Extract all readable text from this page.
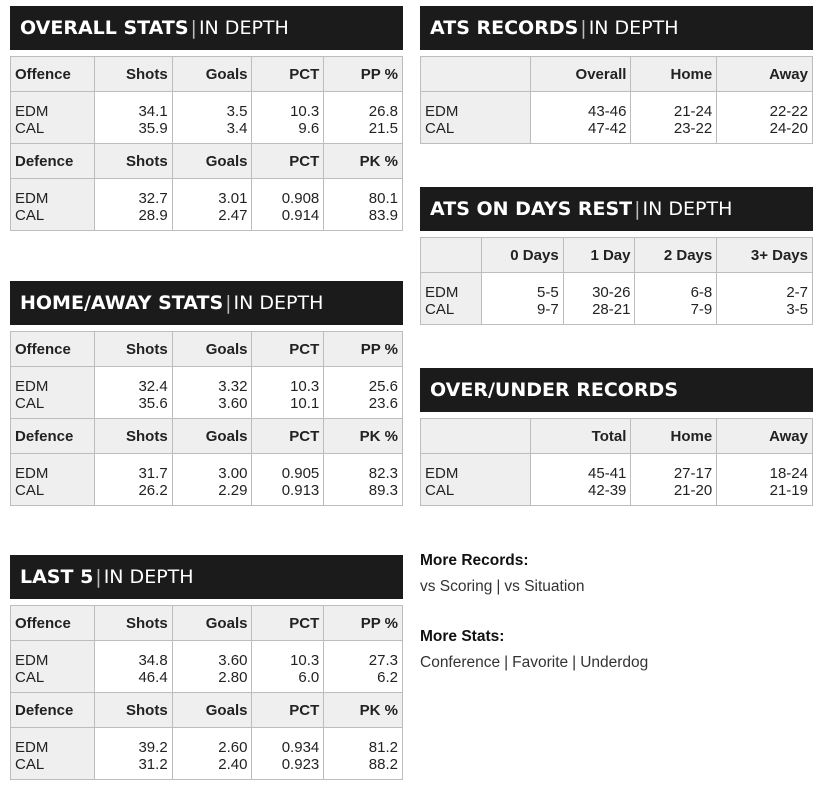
OVERALL STATS | IN DEPTH
Offence	Shots	Goals	PCT	PP %
EDM	34.1	3.5	10.3	26.8
CAL	35.9	3.4	9.6	21.5
Defence	Shots	Goals	PCT	PK %
EDM	32.7	3.01	0.908	80.1
CAL	28.9	2.47	0.914	83.9
HOME/AWAY STATS | IN DEPTH
Offence	Shots	Goals	PCT	PP %
EDM	32.4	3.32	10.3	25.6
CAL	35.6	3.60	10.1	23.6
Defence	Shots	Goals	PCT	PK %
EDM	31.7	3.00	0.905	82.3
CAL	26.2	2.29	0.913	89.3
LAST 5 | IN DEPTH
Offence	Shots	Goals	PCT	PP %
EDM	34.8	3.60	10.3	27.3
CAL	46.4	2.80	6.0	6.2
Defence	Shots	Goals	PCT	PK %
EDM	39.2	2.60	0.934	81.2
CAL	31.2	2.40	0.923	88.2
ATS RECORDS | IN DEPTH
	Overall	Home	Away
EDM	43-46	21-24	22-22
CAL	47-42	23-22	24-20
ATS ON DAYS REST | IN DEPTH
	0 Days	1 Day	2 Days	3+ Days
EDM	5-5	30-26	6-8	2-7
CAL	9-7	28-21	7-9	3-5
OVER/UNDER RECORDS
	Total	Home	Away
EDM	45-41	27-17	18-24
CAL	42-39	21-20	21-19
More Records:
vs Scoring | vs Situation
More Stats:
Conference | Favorite | Underdog
